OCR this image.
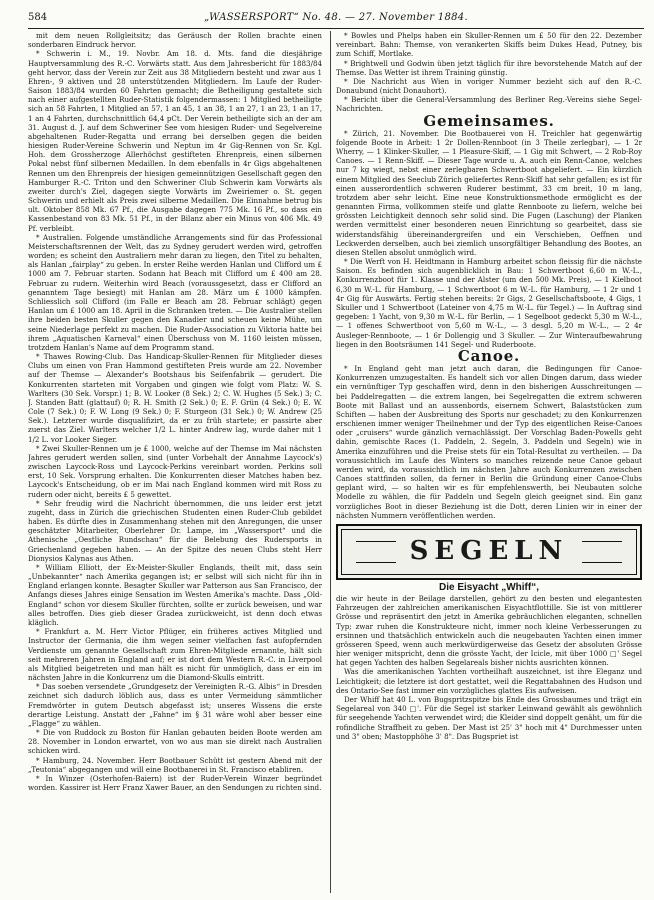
584	„WASSERSPORT“ No. 48. — 27. November 1884.

mit dem neuen Rollgleitsitz; das Geräusch der Rollen brachte einen sonderbaren Eindruck hervor.

* Schwerin i. M., 19. Novbr. Am 18. d. Mts. fand die diesjährige Hauptversammlung des R.-C. Vorwärts statt. Aus dem Jahresbericht für 1883/84 geht hervor, dass der Verein zur Zeit aus 38 Mitgliedern besteht und zwar aus 1 Ehren-, 9 aktiven und 28 unterstützenden Mitgliedern. Im Laufe der Ruder-Saison 1883/84 wurden 60 Fahrten gemacht; die Betheiligung gestaltete sich nach einer aufgestellten Ruder-Statistik folgendermassen: 1 Mitglied betheiligte sich an 58 Fahrten, 1 Mitglied an 57, 1 an 45, 1 an 38, 1 an 27, 1 an 23, 1 an 17, 1 an 4 Fahrten, durchschnittlich 64,4 pCt. Der Verein betheiligte sich an der am 31. August d. J. auf dem Schweriner See vom hiesigen Ruder- und Segelvereine abgehaltenen Ruder-Regatta und errang bei derselben gegen die beiden hiesigen Ruder-Vereine Schwerin und Neptun im 4r Gig-Rennen von Sr. Kgl. Hoh. dem Grossherzoge Allerhöchst gestifteten Ehrenpreis, einen silbernen Pokal nebst fünf silbernen Medaillen. In dem ebenfalls in 4r Gigs abgehaltenen Rennen um den Ehrenpreis der hiesigen gemeinnützigen Gesellschaft gegen den Hamburger R.-C. Triton und den Schweriner Club Schwerin kam Vorwärts als zweiter durch's Ziel, dagegen siegte Vorwärts im Zweiriemer o. St. gegen Schwerin und erhielt als Preis zwei silberne Medaillen. Die Einnahme betrug bis ult. Oktober 858 Mk. 67 Pf., die Ausgabe dagegen 775 Mk. 16 Pf., so dass ein Kassenbestand von 83 Mk. 51 Pf., in der Bilanz aber ein Minus von 406 Mk. 49 Pf. verbleibt.

* Australien. Folgende umständliche Arrangements sind für das Professional Meisterschaftsrennen der Welt, das zu Sydney gerudert werden wird, getroffen worden; es scheint den Australiern mehr daran zu liegen, den Titel zu behalten, als Hanlan „fairplay“ zu geben. In erster Reihe werden Hanlan und Clifford um £ 1000 am 7. Februar starten. Sodann hat Beach mit Clifford um £ 400 am 28. Februar zu rudern. Weiterhin wird Beach (voraussgesetzt, dass er Clifford an genanntem Tage besiegt) mit Hanlan am 28. März um £ 1000 kämpfen. Schliesslich soll Clifford (im Falle er Beach am 28. Februar schlägt) gegen Hanlan um £ 1000 am 18. April in die Schranken treten. — Die Australier stellen ihre beiden besten Skuller gegen den Kanadier und scheuen keine Mühe, um seine Niederlage perfekt zu machen. Die Ruder-Association zu Viktoria hatte bei ihrem „Aquatischen Karneval“ einen Überschuss von M. 1160 leisten müssen, trotzdem Hanlan's Name auf dem Programm stand.

* Thawes Rowing-Club. Das Handicap-Skuller-Rennen für Mitglieder dieses Clubs um einen von Fran Hammond gestifteten Preis wurde am 22. November auf der Themse — Alexander's Bootshaus bis Seifenfabrik — gerudert. Die Konkurrenten starteten mit Vorgaben und gingen wie folgt vom Platz: W. S. Warlters (30 Sek. Vorspr.) 1; B. W. Looker (8 Sek.) 2; C. W. Hughes (5 Sek.) 3; C. J. Standen Batt (glattauf) 0; R. H. Smith (2 Sek.) 0; E. F. Grün (4 Sek.) 0; E. W. Cole (7 Sek.) 0; F. W. Long (9 Sek.) 0; F. Sturgeon (31 Sek.) 0; W. Andrew (25 Sek.). Letzterer wurde disqualifizirt, da er zu früh startete; er passirte aber zuerst das Ziel. Warlters welcher 1/2 L. hinter Andrew lag, wurde daher mit 1 1/2 L. vor Looker Sieger.

* Zwei Skuller-Rennen um je £ 1000, welche auf der Themse im Mai nächsten Jahres gerudert werden sollen, sind (unter Vorbehalt der Annahme Laycock's) zwischen Laycock-Ross und Laycock-Perkins vereinbart worden. Perkins soll erst, 10 Sek. Vorsprung erhalten. Die Konkurrenten dieser Matches haben bez. Laycock's Entscheidung, ob er im Mai nach England kommen wird mit Ross zu rudern oder nicht, bereits £ 5 gewettet.

* Sehr freudig wird die Nachricht übernommen, die uns leider erst jetzt zugeht, dass in Zürich die griechischen Studenten einen Ruder-Club gebildet haben. Es dürfte dies in Zusammenhang stehen mit den Anregungen, die unser geschätzter Mitarbeiter, Oberlehrer Dr. Lampe, im „Wassersport“ und die Athenische „Oestliche Rundschau“ für die Belebung des Rudersports in Griechenland gegeben haben. — An der Spitze des neuen Clubs steht Herr Dionysios Kalynas aus Athen.

* William Elliott, der Ex-Meister-Skuller Englands, theilt mit, dass sein „Unbekannter“ nach Amerika gegangen ist; er selbst will sich nicht für ihn in England erlangen konnte. Besagter Skuller war Patterson aus San Francisco, der Anfangs dieses Jahres einige Sensation im Westen Amerika's machte. Dass „Old-England“ schon vor diesem Skuller fürchten, sollte er zurück beweisen, und war alles betroffen. Dies gieb dieser Gradea zurückweicht, ist denn doch etwas kläglich.

* Frankfurt a. M. Herr Victor Pflüger, ein früheres actives Mitglied und Instructor der Germania, die ihm wegen seiner vielfachen fast aufopfernden Verdienste um genannte Gesellschaft zum Ehren-Mitgliede ernannte, hält sich seit mehreren Jahren in England auf; er ist dort dem Western R.-C. in Liverpool als Mitglied beigetreten und man hält es nicht für unmöglich, dass er ein im nächsten Jahre in die Konkurrenz um die Diamond-Skulls eintritt.

* Das soeben versendete „Grundgesetz der Vereinigten R.-G. Albis“ in Dresden zeichnet sich dadurch löblich aus, dass es unter Vermeidung sämmtlicher Fremdwörter in gutem Deutsch abgefasst ist; unseres Wissens die erste derartige Leistung. Anstatt der „Fahne“ im § 31 wäre wohl aber besser eine „Flagge“ zu wählen.

* Die von Ruddock zu Boston für Hanlan gebauten beiden Boote werden am 28. November in London erwartet, von wo aus man sie direkt nach Australien schicken wird.

* Hamburg, 24. November. Herr Bootbauer Schütt ist gestern Abend mit der „Teutonia“ abgegangen und will eine Bootbanerei in St. Francisco etabliren.

* In Winzer (Osterhofen-Baiern) ist der Ruder-Verein Winzer begründet worden. Kassirer ist Herr Franz Xawer Bauer, an den Sendungen zu richten sind.

* Bowles und Phelps haben ein Skuller-Rennen um £ 50 für den 22. Dezember vereinbart. Bahn: Themse, von verankerten Skiffs beim Dukes Head, Putney, bis zum Schiff, Mortlake.

* Brightwell und Godwin üben jetzt täglich für ihre bevorstehende Match auf der Themse. Das Wetter ist ihrem Training günstig.

* Die Nachricht aus Wien in voriger Nummer bezieht sich auf den R.-C. Donaubund (nicht Donauhort).

* Bericht über die General-Versammlung des Berliner Reg.-Vereins siehe Segel-Nachrichten.

Gemeinsames.

* Zürich, 21. November. Die Bootbauerei von H. Treichler hat gegenwärtig folgende Boote in Arbeit: 1 2r Dollen-Rennboot (in 3 Theile zerlegbar), — 1 2r Wherry, — 1 Klinker-Skuller, — 1 Pleasure-Skiff, — 1 Gig mit Schwert, — 2 Rob-Roy Canoes. — 1 Renn-Skiff. — Dieser Tage wurde u. A. auch ein Renn-Canoe, welches nur 7 kg wiegt, nebst einer zerlegbaren Schwertboot abgeliefert. — Ein kürzlich einem Mitglied des Seeclub Zürich geliefertes Renn-Skiff hat sehr gefallen; es ist für einen ausserordentlich schweren Ruderer bestimmt, 33 cm breit, 10 m lang, trotzdem aber sehr leicht. Eine neue Konstruktionsmethode ermöglicht es der genannten Firma, vollkommen steife und glatte Rennboote zu liefern, welche bei grössten Leichtigkeit dennoch sehr solid sind. Die Fugen (Laschung) der Planken werden vermittelst einer besonderen neuen Einrichtung so gearbeitet, dass sie widerstandsfähig übereinandergreifen und ein Verschieben, Oeffnen und Leckwerden derselben, auch bei ziemlich unsorgfältiger Behandlung des Bootes, an diesen Stellen absolut unmöglich wird.

* Die Werft von H. Heidtmann in Hamburg arbeitet schon fleissig für die nächste Saison. Es befinden sich augenblicklich in Bau: 1 Schwertboot 6,60 m W.-L., Konkurrenzboot für 1. Klasse und der Alster (um den 500 Mk. Preis), — 1 Kielboot 6,30 m W.-L. für Hamburg, — 1 Schwertboot 6 m W.-L. für Hamburg, — 1 2r und 1 4r Gig für Auswärts. Fertig stehen bereits: 2r Gigs, 2 Gesellschaftsboote, 4 Gigs, 1 Skuller und 1 Schwertboot (Lateiner von 4,75 m W.-L. für Tegel.) — In Auftrag sind gegeben: 1 Yacht, von 9,30 m W.-L. für Berlin, — 1 Segelboot gedeckt 5,30 m W.-L., — 1 offenes Schwertboot von 5,60 m W.-L., — 3 desgl. 5,20 m W.-L., — 2 4r Ausleger-Rennboote, — 1 6r Dollengig und 3 Skuller. — Zur Winteraufbewahrung liegen in den Bootsräumen 141 Segel- und Ruderboote.

Canoe.

* In England geht man jetzt auch daran, die Bedingungen für Canoe-Konkurrenzen umzugestalten. Es handelt sich vor allen Dingen darum, dass wieder ein vernünftiger Typ geschaffen wird, denn in den bisherigen Ausschreitungen — bei Paddelregatten — die extrem langen, bei Segelregatten die extrem schweren Boote mit Ballast und an aussenbords, eisernem Schwert, Balaststücken zum Schiften — haben der Ausbreitung des Sports nur geschadet; zu den Konkurrenzen erschienen immer weniger Theilnehmer und der Typ des eigentlichen Reise-Canoes oder „cruisers“ wurde gänzlich vernachlässigt. Der Vorschlag Baden-Powells geht dahin, gemischte Races (1. Paddeln, 2. Segeln, 3. Paddeln und Segeln) wie in Amerika einzuführen und die Preise stets für ein Total-Resultat zu vertheilen. — Da voraussichtlich im Laufe des Winters so manches reizende neue Canoe gebaut werden wird, da voraussichtlich im nächsten Jahre auch Konkurrenzen zwischen Canoes stattfinden sollen, da ferner in Berlin die Gründung einer Canoe-Clubs geplant wird, — so halten wir es für empfehlenswerth, bei Neubauten solche Modelle zu wählen, die für Paddeln und Segeln gleich geeignet sind. Ein ganz vorzügliches Boot in dieser Beziehung ist die Dott, deren Linien wir in einer der nächsten Nummern veröffentlichen werden.

SEGELN
Die Eisyacht „Whiff“,

die wir heute in der Beilage darstellen, gehört zu den besten und elegantesten Fahrzeugen der zahlreichen amerikanischen Eisyachtflottille. Sie ist von mittlerer Grösse und repräsentirt den jetzt in Amerika gebräuchlichen eleganten, schnellen Typ; zwar ruhen die Konstrukteure nicht, immer noch kleine Verbesserungen zu ersinnen und thatsächlich entwickeln auch die neugebauten Yachten einen immer grösseren Speed, wenn auch merkwürdigerweise das Gesetz der absoluten Grösse hier weniger mitspricht, denn die grösste Yacht, der Icicle, mit über 1000 □' Segel hat gegen Yachten des halben Segelareals bisher nichts ausrichten können.

Was die amerikanischen Yachten vortheilhaft auszeichnet, ist ihre Eleganz und Leichtigkeit; die letztere ist dort gestattet, weil die Regattabahnen des Hudson und des Ontario-See fast immer ein vorzügliches glattes Eis aufweisen.

Der Whiff hat 40 L. von Bugspritzspitze bis Ende des Grossbaumes und trägt ein Segelareal von 340 □'. Für die Segel ist starker Leinwand gewählt als gewöhnlich für seegehende Yachten verwendet wird; die Kleider sind doppelt genäht, um für die rofindliche Straffheit zu geben. Der Mast ist 25' 3" hoch mit 4" Durchmesser unten und 3" oben; Mastopphöhe 3' 8". Das Bugspriet ist
